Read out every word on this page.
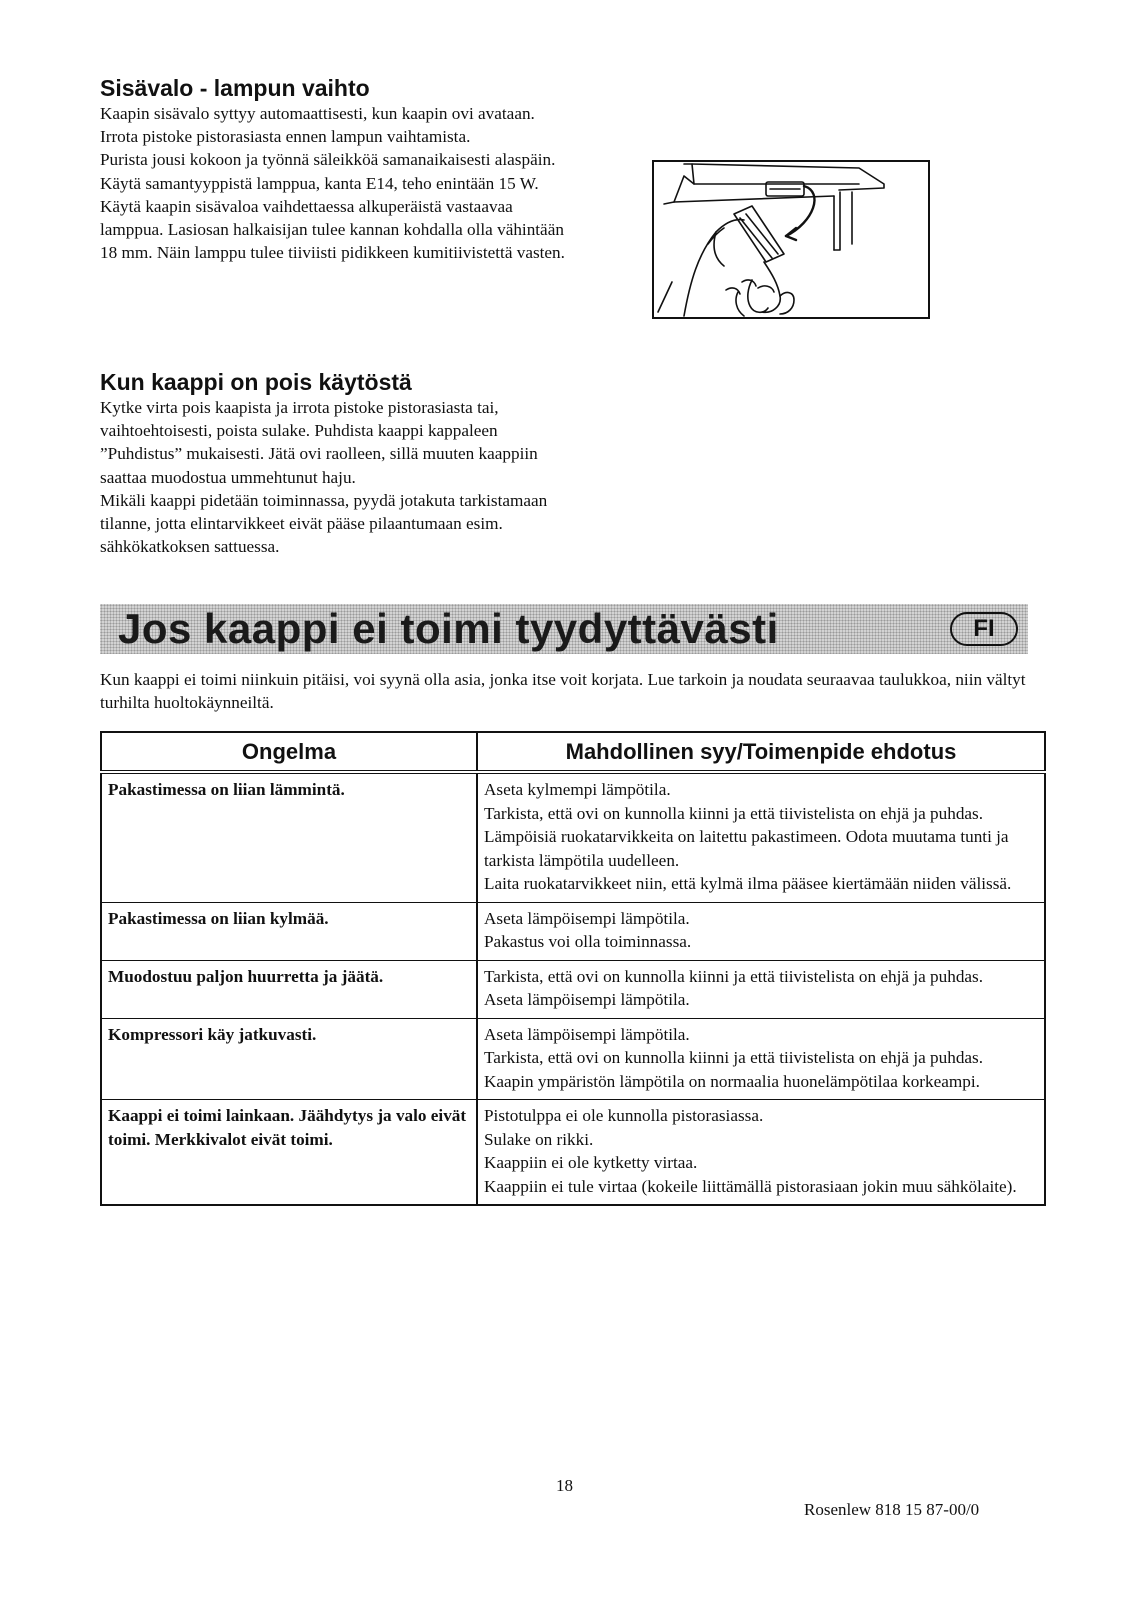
Sisävalo - lampun vaihto

Kaapin sisävalo syttyy automaattisesti, kun kaapin ovi avataan. Irrota pistoke pistorasiasta ennen lampun vaihtamista.

Purista jousi kokoon ja työnnä säleikköä samanaikaisesti alaspäin.

Käytä samantyyppistä lamppua, kanta E14, teho enintään 15 W.

Käytä kaapin sisävaloa vaihdettaessa alkuperäistä vastaavaa lamppua. Lasiosan halkaisijan tulee kannan kohdalla olla vähintään 18 mm. Näin lamppu tulee tiiviisti pidikkeen kumitiivistettä vasten.

Kun kaappi on pois käytöstä

Kytke virta pois kaapista ja irrota pistoke pistorasiasta tai, vaihtoehtoisesti, poista sulake. Puhdista kaappi kappaleen ”Puhdistus” mukaisesti. Jätä ovi raolleen, sillä muuten kaappiin saattaa muodostua ummehtunut haju.

Mikäli kaappi pidetään toiminnassa, pyydä jotakuta tarkistamaan tilanne, jotta elintarvikkeet eivät pääse pilaantumaan esim. sähkökatkoksen sattuessa.

Jos kaappi ei toimi tyydyttävästi	FI
Kun kaappi ei toimi niinkuin pitäisi, voi syynä olla asia, jonka itse voit korjata. Lue tarkoin ja noudata seuraavaa taulukkoa, niin vältyt turhilta huoltokäynneiltä.
Ongelma	Mahdollinen syy/Toimenpide ehdotus
Pakastimessa on liian lämmintä.	Aseta kylmempi lämpötila.
Tarkista, että ovi on kunnolla kiinni ja että tiivistelista on ehjä ja puhdas.
Lämpöisiä ruokatarvikkeita on laitettu pakastimeen. Odota muutama tunti ja tarkista lämpötila uudelleen.
Laita ruokatarvikkeet niin, että kylmä ilma pääsee kiertämään niiden välissä.

Pakastimessa on liian kylmää.	Aseta lämpöisempi lämpötila.
Pakastus voi olla toiminnassa.

Muodostuu paljon huurretta ja jäätä.	Tarkista, että ovi on kunnolla kiinni ja että tiivistelista on ehjä ja puhdas.
Aseta lämpöisempi lämpötila.

Kompressori käy jatkuvasti.	Aseta lämpöisempi lämpötila.
Tarkista, että ovi on kunnolla kiinni ja että tiivistelista on ehjä ja puhdas.
Kaapin ympäristön lämpötila on normaalia huonelämpötilaa korkeampi.

Kaappi ei toimi lainkaan. Jäähdytys ja valo eivät toimi. Merkkivalot eivät toimi.	Pistotulppa ei ole kunnolla pistorasiassa.
Sulake on rikki.
Kaappiin ei ole kytketty virtaa.
Kaappiin ei tule virtaa (kokeile liittämällä pistorasiaan jokin muu sähkölaite).
18
Rosenlew 818 15 87-00/0
